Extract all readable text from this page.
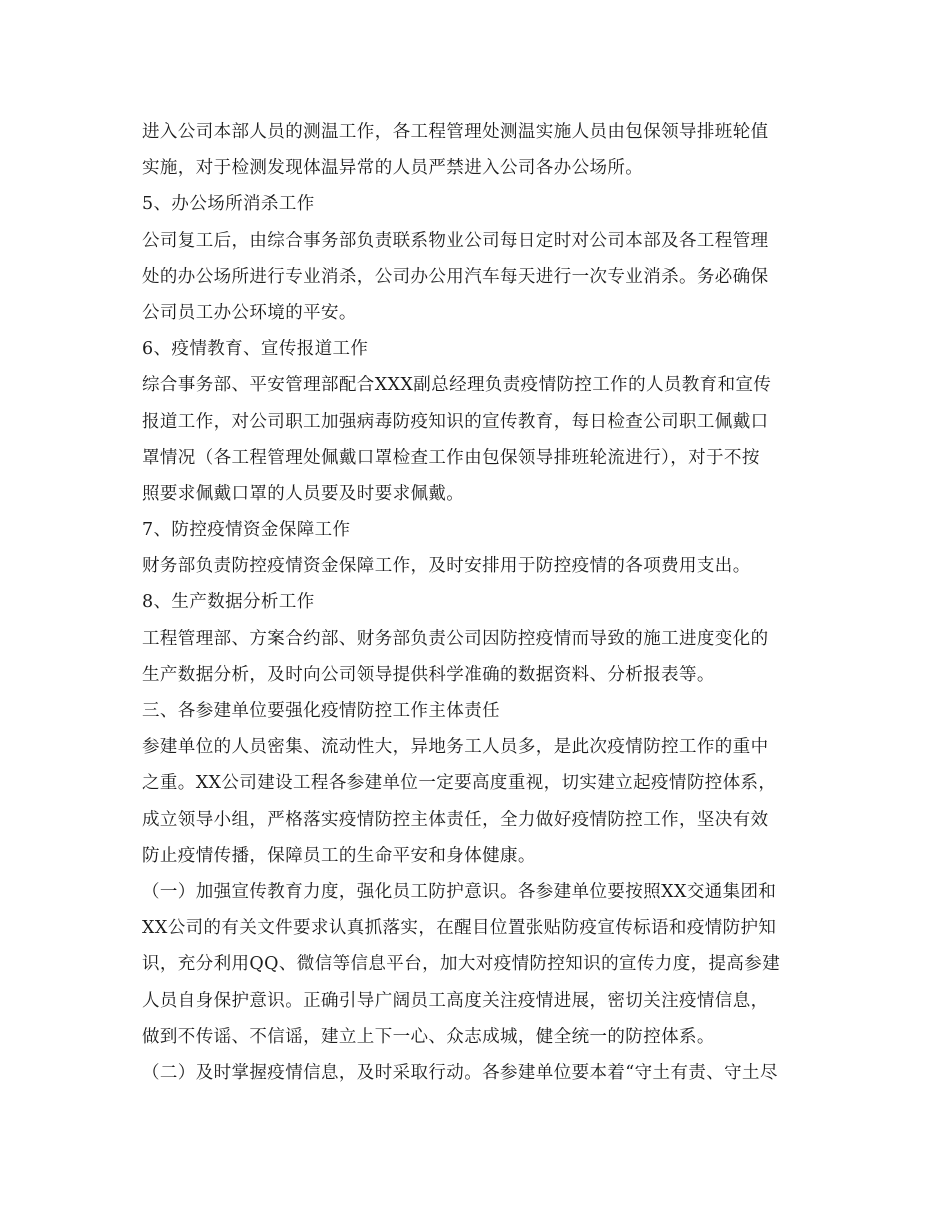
进入公司本部人员的测温工作，各工程管理处测温实施人员由包保领导排班轮值
实施，对于检测发现体温异常的人员严禁进入公司各办公场所。
5、办公场所消杀工作
公司复工后，由综合事务部负责联系物业公司每日定时对公司本部及各工程管理
处的办公场所进行专业消杀，公司办公用汽车每天进行一次专业消杀。务必确保
公司员工办公环境的平安。
6、疫情教育、宣传报道工作
综合事务部、平安管理部配合XXX副总经理负责疫情防控工作的人员教育和宣传
报道工作，对公司职工加强病毒防疫知识的宣传教育，每日检查公司职工佩戴口
罩情况（各工程管理处佩戴口罩检查工作由包保领导排班轮流进行），对于不按
照要求佩戴口罩的人员要及时要求佩戴。
7、防控疫情资金保障工作
财务部负责防控疫情资金保障工作，及时安排用于防控疫情的各项费用支出。
8、生产数据分析工作
工程管理部、方案合约部、财务部负责公司因防控疫情而导致的施工进度变化的
生产数据分析，及时向公司领导提供科学准确的数据资料、分析报表等。
三、各参建单位要强化疫情防控工作主体责任
参建单位的人员密集、流动性大，异地务工人员多，是此次疫情防控工作的重中
之重。XX公司建设工程各参建单位一定要高度重视，切实建立起疫情防控体系，
成立领导小组，严格落实疫情防控主体责任，全力做好疫情防控工作，坚决有效
防止疫情传播，保障员工的生命平安和身体健康。
（一）加强宣传教育力度，强化员工防护意识。各参建单位要按照XX交通集团和
XX公司的有关文件要求认真抓落实，在醒目位置张贴防疫宣传标语和疫情防护知
识，充分利用QQ、微信等信息平台，加大对疫情防控知识的宣传力度，提高参建
人员自身保护意识。正确引导广阔员工高度关注疫情进展，密切关注疫情信息，
做到不传谣、不信谣，建立上下一心、众志成城，健全统一的防控体系。
（二）及时掌握疫情信息，及时采取行动。各参建单位要本着“守土有责、守土尽
